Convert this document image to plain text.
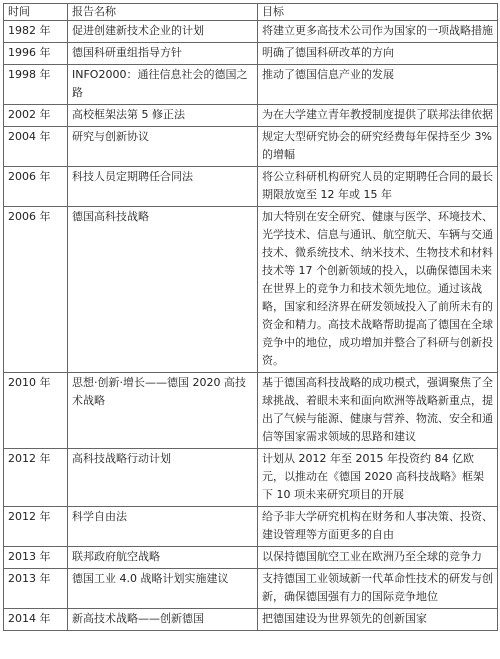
时间	报告名称	目标
1982 年	促进创建新技术企业的计划	将建立更多高技术公司作为国家的一项战略措施
1996 年	德国科研重组指导方针	明确了德国科研改革的方向
1998 年	INFO2000：通往信息社会的德国之路	推动了德国信息产业的发展
2002 年	高校框架法第 5 修正法	为在大学建立青年教授制度提供了联邦法律依据
2004 年	研究与创新协议	规定大型研究协会的研究经费每年保持至少 3%的增幅
2006 年	科技人员定期聘任合同法	将公立科研机构研究人员的定期聘任合同的最长期限放宽至 12 年或 15 年
2006 年	德国高科技战略	加大特别在安全研究、健康与医学、环境技术、光学技术、信息与通讯、航空航天、车辆与交通技术、微系统技术、纳米技术、生物技术和材料技术等 17 个创新领域的投入，以确保德国未来在世界上的竞争力和技术领先地位。通过该战略，国家和经济界在研发领域投入了前所未有的资金和精力。高技术战略帮助提高了德国在全球竞争中的地位，成功增加并整合了科研与创新投资。
2010 年	思想·创新·增长——德国 2020 高技术战略	基于德国高科技战略的成功模式，强调聚焦了全球挑战、着眼未来和面向欧洲等战略新重点，提出了气候与能源、健康与营养、物流、安全和通信等国家需求领域的思路和建议
2012 年	高科技战略行动计划	计划从 2012 年至 2015 年投资约 84 亿欧元，以推动在《德国 2020 高科技战略》框架下 10 项未来研究项目的开展
2012 年	科学自由法	给予非大学研究机构在财务和人事决策、投资、建设管理等方面更多的自由
2013 年	联邦政府航空战略	以保持德国航空工业在欧洲乃至全球的竞争力
2013 年	德国工业 4.0 战略计划实施建议	支持德国工业领域新一代革命性技术的研发与创新，确保德国强有力的国际竞争地位
2014 年	新高技术战略——创新德国	把德国建设为世界领先的创新国家
